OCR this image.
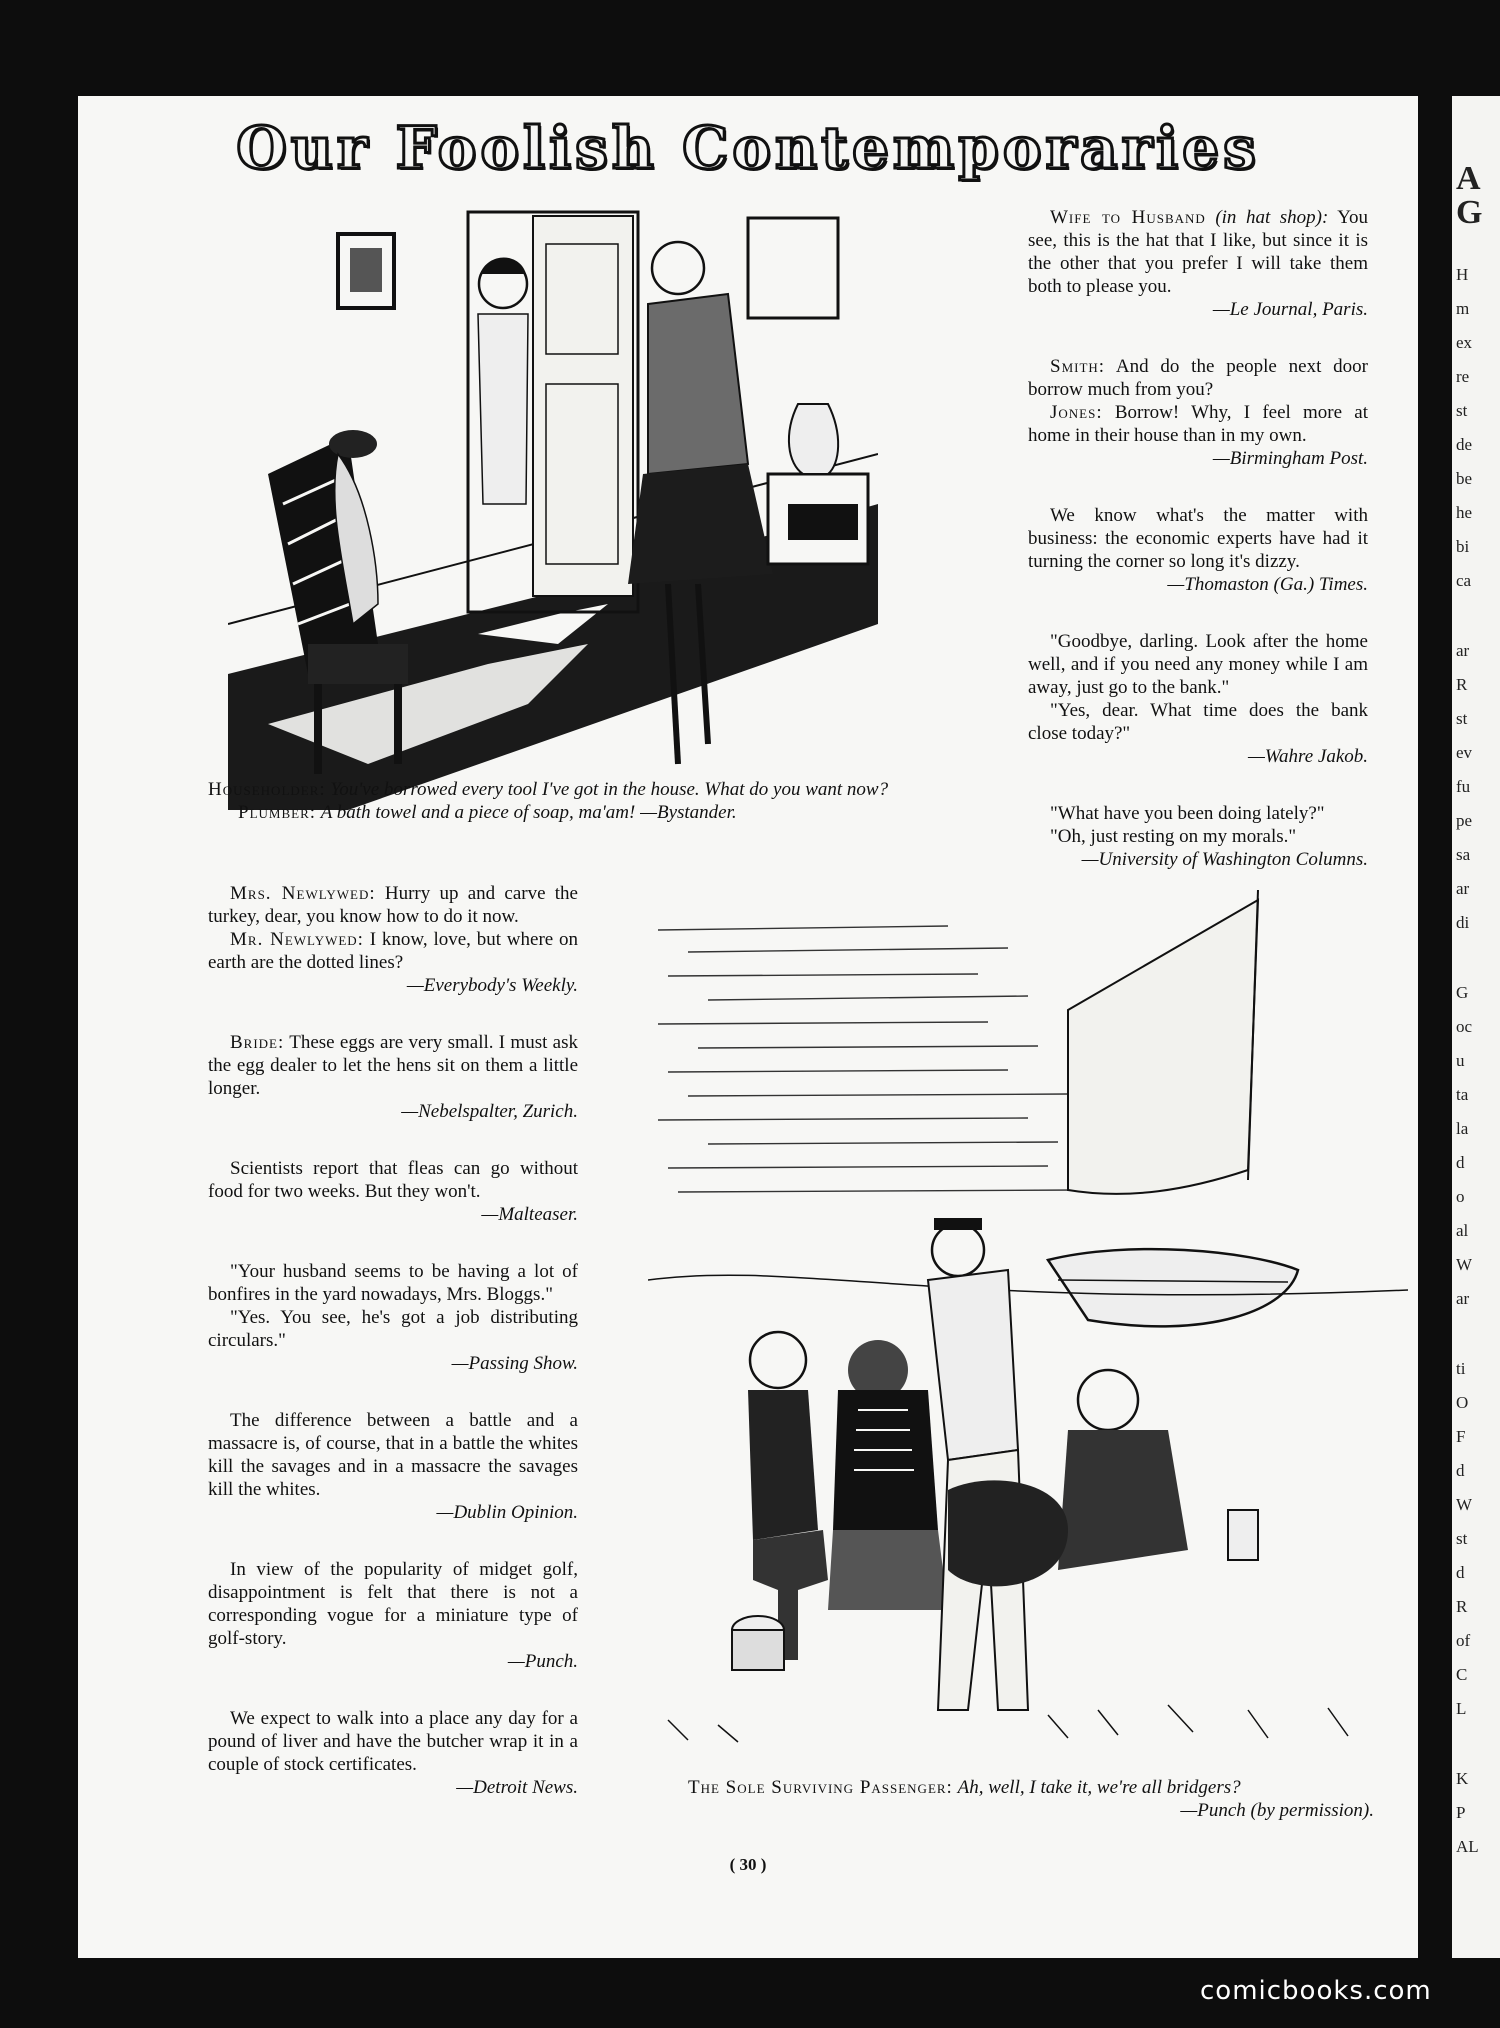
Our Foolish Contemporaries

Wife to Husband (in hat shop): You see, this is the hat that I like, but since it is the other that you prefer I will take them both to please you.

—Le Journal, Paris.

Smith: And do the people next door borrow much from you?

Jones: Borrow! Why, I feel more at home in their house than in my own.

—Birmingham Post.

We know what's the matter with business: the economic experts have had it turning the corner so long it's dizzy.

—Thomaston (Ga.) Times.

"Goodbye, darling. Look after the home well, and if you need any money while I am away, just go to the bank."

"Yes, dear. What time does the bank close today?"

—Wahre Jakob.

"What have you been doing lately?"

"Oh, just resting on my morals."

—University of Washington Columns.

Householder: You've borrowed every tool I've got in the house. What do you want now?

Plumber: A bath towel and a piece of soap, ma'am! —Bystander.

Mrs. Newlywed: Hurry up and carve the turkey, dear, you know how to do it now.

Mr. Newlywed: I know, love, but where on earth are the dotted lines?

—Everybody's Weekly.

Bride: These eggs are very small. I must ask the egg dealer to let the hens sit on them a little longer.

—Nebelspalter, Zurich.

Scientists report that fleas can go without food for two weeks. But they won't.

—Malteaser.

"Your husband seems to be having a lot of bonfires in the yard nowadays, Mrs. Bloggs."

"Yes. You see, he's got a job distributing circulars."

—Passing Show.

The difference between a battle and a massacre is, of course, that in a battle the whites kill the savages and in a massacre the savages kill the whites.

—Dublin Opinion.

In view of the popularity of midget golf, disappointment is felt that there is not a corresponding vogue for a miniature type of golf-story.

—Punch.

We expect to walk into a place any day for a pound of liver and have the butcher wrap it in a couple of stock certificates.

—Detroit News.	The Sole Surviving Passenger: Ah, well, I take it, we're all bridgers?

—Punch (by permission).

( 30 )
A
G
H
m
ex
re
st
de
be
he
bi
ca
ar
R
st
ev
fu
pe
sa
ar
di
G
oc
u
ta
la
d
o
al
W
ar
ti
O
F
d
W
st
d
R
of
C
L
K
P
AL
comicbooks.com
